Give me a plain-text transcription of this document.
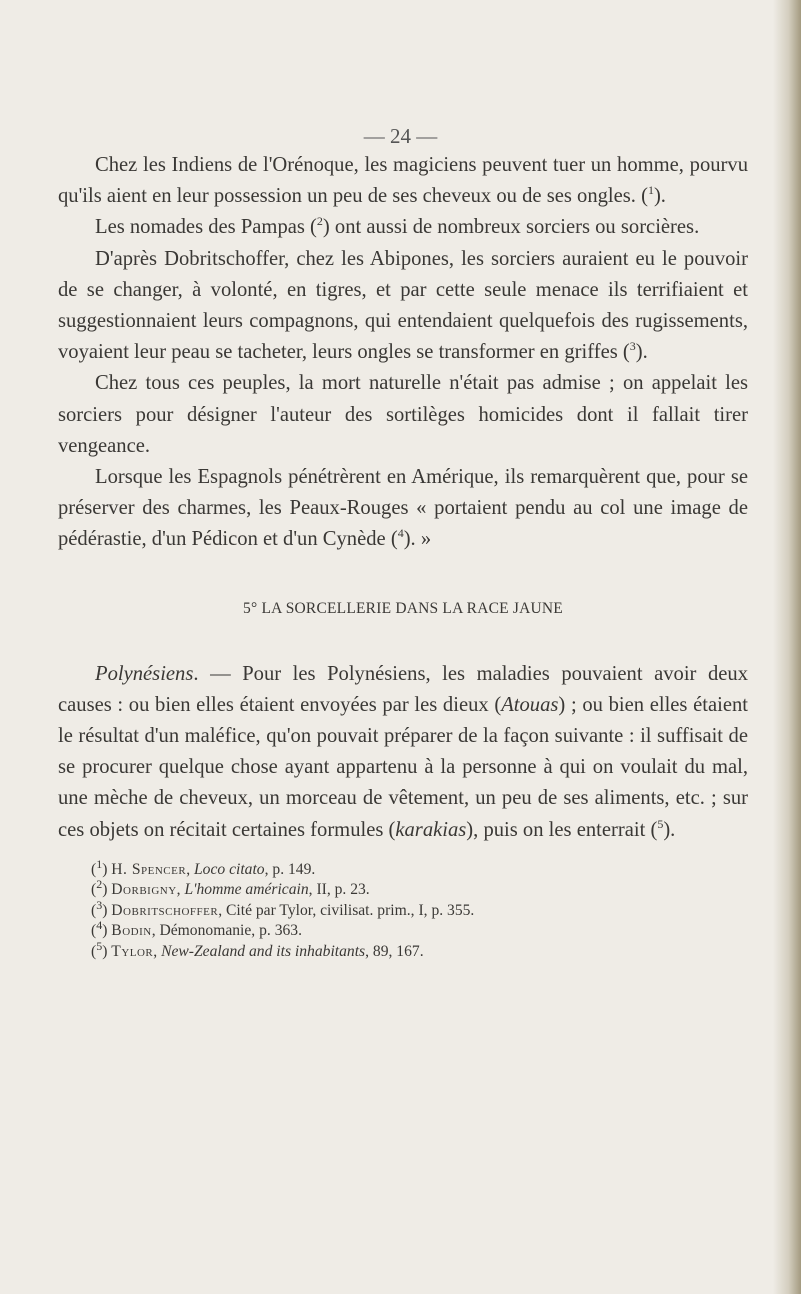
— 24 —

Chez les Indiens de l'Orénoque, les magiciens peuvent tuer un homme, pourvu qu'ils aient en leur possession un peu de ses cheveux ou de ses ongles. ($^1$).

Les nomades des Pampas ($^2$) ont aussi de nombreux sorciers ou sorcières.

D'après Dobritschoffer, chez les Abipones, les sorciers auraient eu le pouvoir de se changer, à volonté, en tigres, et par cette seule menace ils terrifiaient et suggestionnaient leurs compagnons, qui entendaient quelquefois des rugissements, voyaient leur peau se tacheter, leurs ongles se transformer en griffes ($^3$).

Chez tous ces peuples, la mort naturelle n'était pas admise ; on appelait les sorciers pour désigner l'auteur des sortilèges homicides dont il fallait tirer vengeance.

Lorsque les Espagnols pénétrèrent en Amérique, ils remarquèrent que, pour se préserver des charmes, les Peaux-Rouges « portaient pendu au col une image de pédérastie, d'un Pédicon et d'un Cynède ($^4$). »

5° LA SORCELLERIE DANS LA RACE JAUNE

Polynésiens. — Pour les Polynésiens, les maladies pouvaient avoir deux causes : ou bien elles étaient envoyées par les dieux (Atouas) ; ou bien elles étaient le résultat d'un maléfice, qu'on pouvait préparer de la façon suivante : il suffisait de se procurer quelque chose ayant appartenu à la personne à qui on voulait du mal, une mèche de cheveux, un morceau de vêtement, un peu de ses aliments, etc. ; sur ces objets on récitait certaines formules (karakias), puis on les enterrait ($^5$).

($^1$) H. Spencer, Loco citato, p. 149.
($^2$) Dorbigny, L'homme américain, II, p. 23.
($^3$) Dobritschoffer, Cité par Tylor, civilisat. prim., I, p. 355.
($^4$) Bodin, Démonomanie, p. 363.
($^5$) Tylor, New-Zealand and its inhabitants, 89, 167.
